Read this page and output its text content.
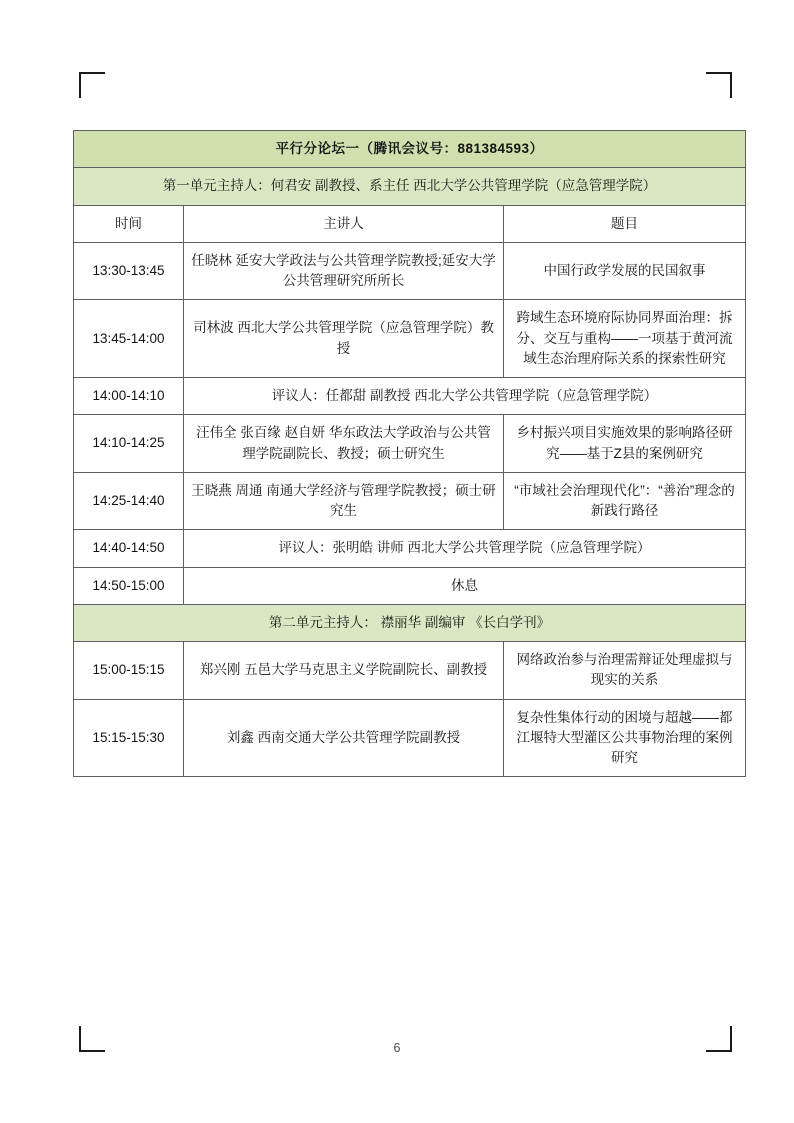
平行分论坛一（腾讯会议号：881384593）		
第一单元主持人：何君安 副教授、系主任 西北大学公共管理学院（应急管理学院）		
时间	主讲人	题目
13:30-13:45	任晓林 延安大学政法与公共管理学院教授;延安大学公共管理研究所所长	中国行政学发展的民国叙事
13:45-14:00	司林波 西北大学公共管理学院（应急管理学院）教授	跨域生态环境府际协同界面治理：拆分、交互与重构——一项基于黄河流域生态治理府际关系的探索性研究
14:00-14:10	评议人：任都甜 副教授 西北大学公共管理学院（应急管理学院）	
14:10-14:25	汪伟全 张百缘 赵自妍 华东政法大学政治与公共管理学院副院长、教授；硕士研究生	乡村振兴项目实施效果的影响路径研究——基于Z县的案例研究
14:25-14:40	王晓燕 周通 南通大学经济与管理学院教授；硕士研究生	“市域社会治理现代化”：“善治”理念的新践行路径
14:40-14:50	评议人：张明皓 讲师 西北大学公共管理学院（应急管理学院）	
14:50-15:00	休息	
第二单元主持人： 襟丽华 副编审 《长白学刊》		
15:00-15:15	郑兴刚 五邑大学马克思主义学院副院长、副教授	网络政治参与治理需辩证处理虚拟与现实的关系
15:15-15:30	刘鑫 西南交通大学公共管理学院副教授	复杂性集体行动的困境与超越——都江堰特大型灌区公共事物治理的案例研究
6
